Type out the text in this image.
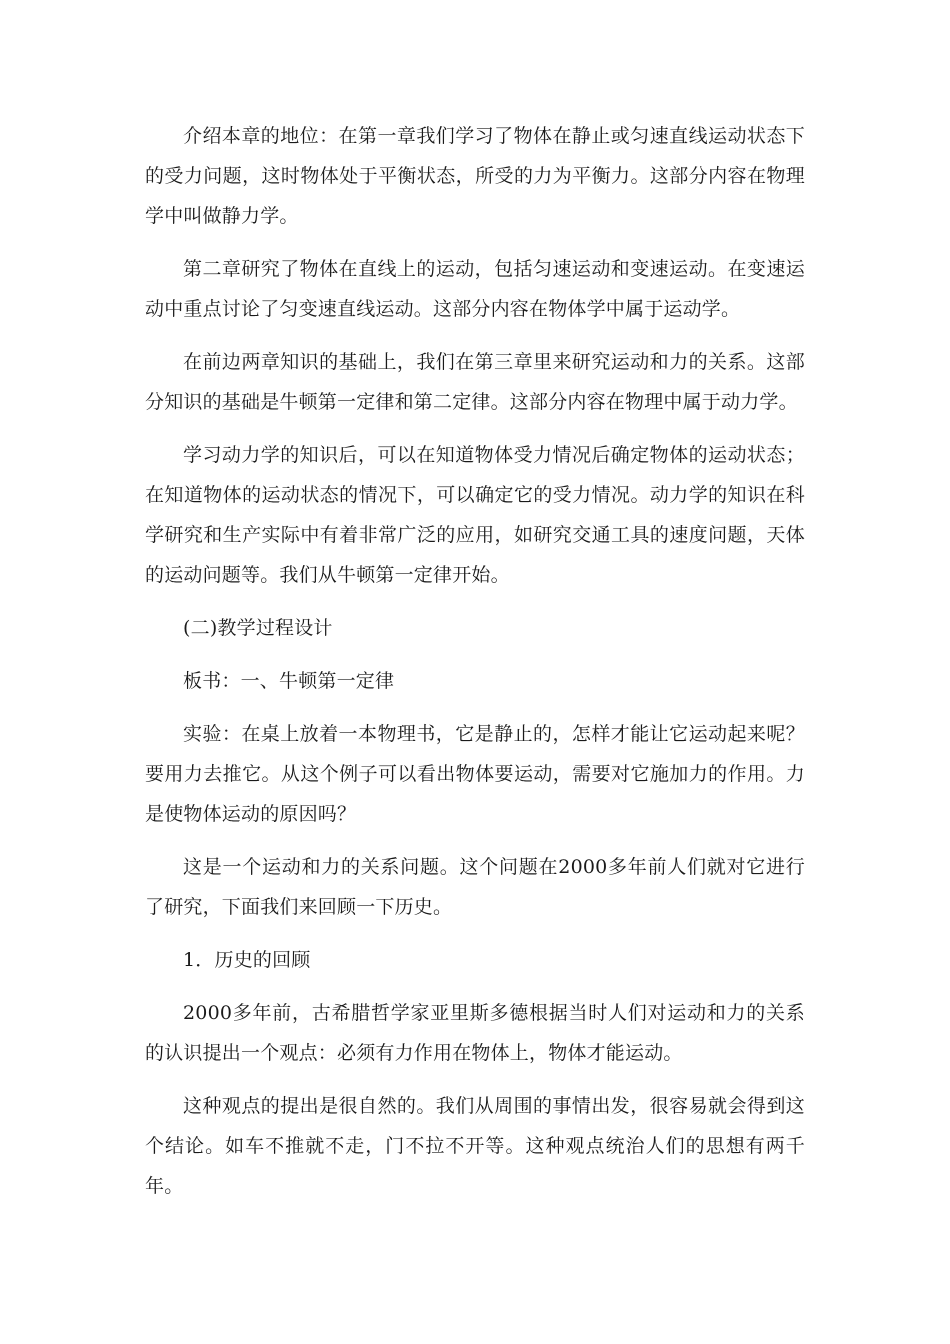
介绍本章的地位：在第一章我们学习了物体在静止或匀速直线运动状态下的受力问题，这时物体处于平衡状态，所受的力为平衡力。这部分内容在物理学中叫做静力学。

第二章研究了物体在直线上的运动，包括匀速运动和变速运动。在变速运动中重点讨论了匀变速直线运动。这部分内容在物体学中属于运动学。

在前边两章知识的基础上，我们在第三章里来研究运动和力的关系。这部分知识的基础是牛顿第一定律和第二定律。这部分内容在物理中属于动力学。

学习动力学的知识后，可以在知道物体受力情况后确定物体的运动状态；在知道物体的运动状态的情况下，可以确定它的受力情况。动力学的知识在科学研究和生产实际中有着非常广泛的应用，如研究交通工具的速度问题，天体的运动问题等。我们从牛顿第一定律开始。

(二)教学过程设计

板书：一、牛顿第一定律

实验：在桌上放着一本物理书，它是静止的，怎样才能让它运动起来呢？要用力去推它。从这个例子可以看出物体要运动，需要对它施加力的作用。力是使物体运动的原因吗？

这是一个运动和力的关系问题。这个问题在2000多年前人们就对它进行了研究，下面我们来回顾一下历史。

1．历史的回顾

2000多年前，古希腊哲学家亚里斯多德根据当时人们对运动和力的关系的认识提出一个观点：必须有力作用在物体上，物体才能运动。

这种观点的提出是很自然的。我们从周围的事情出发，很容易就会得到这个结论。如车不推就不走，门不拉不开等。这种观点统治人们的思想有两千年。
